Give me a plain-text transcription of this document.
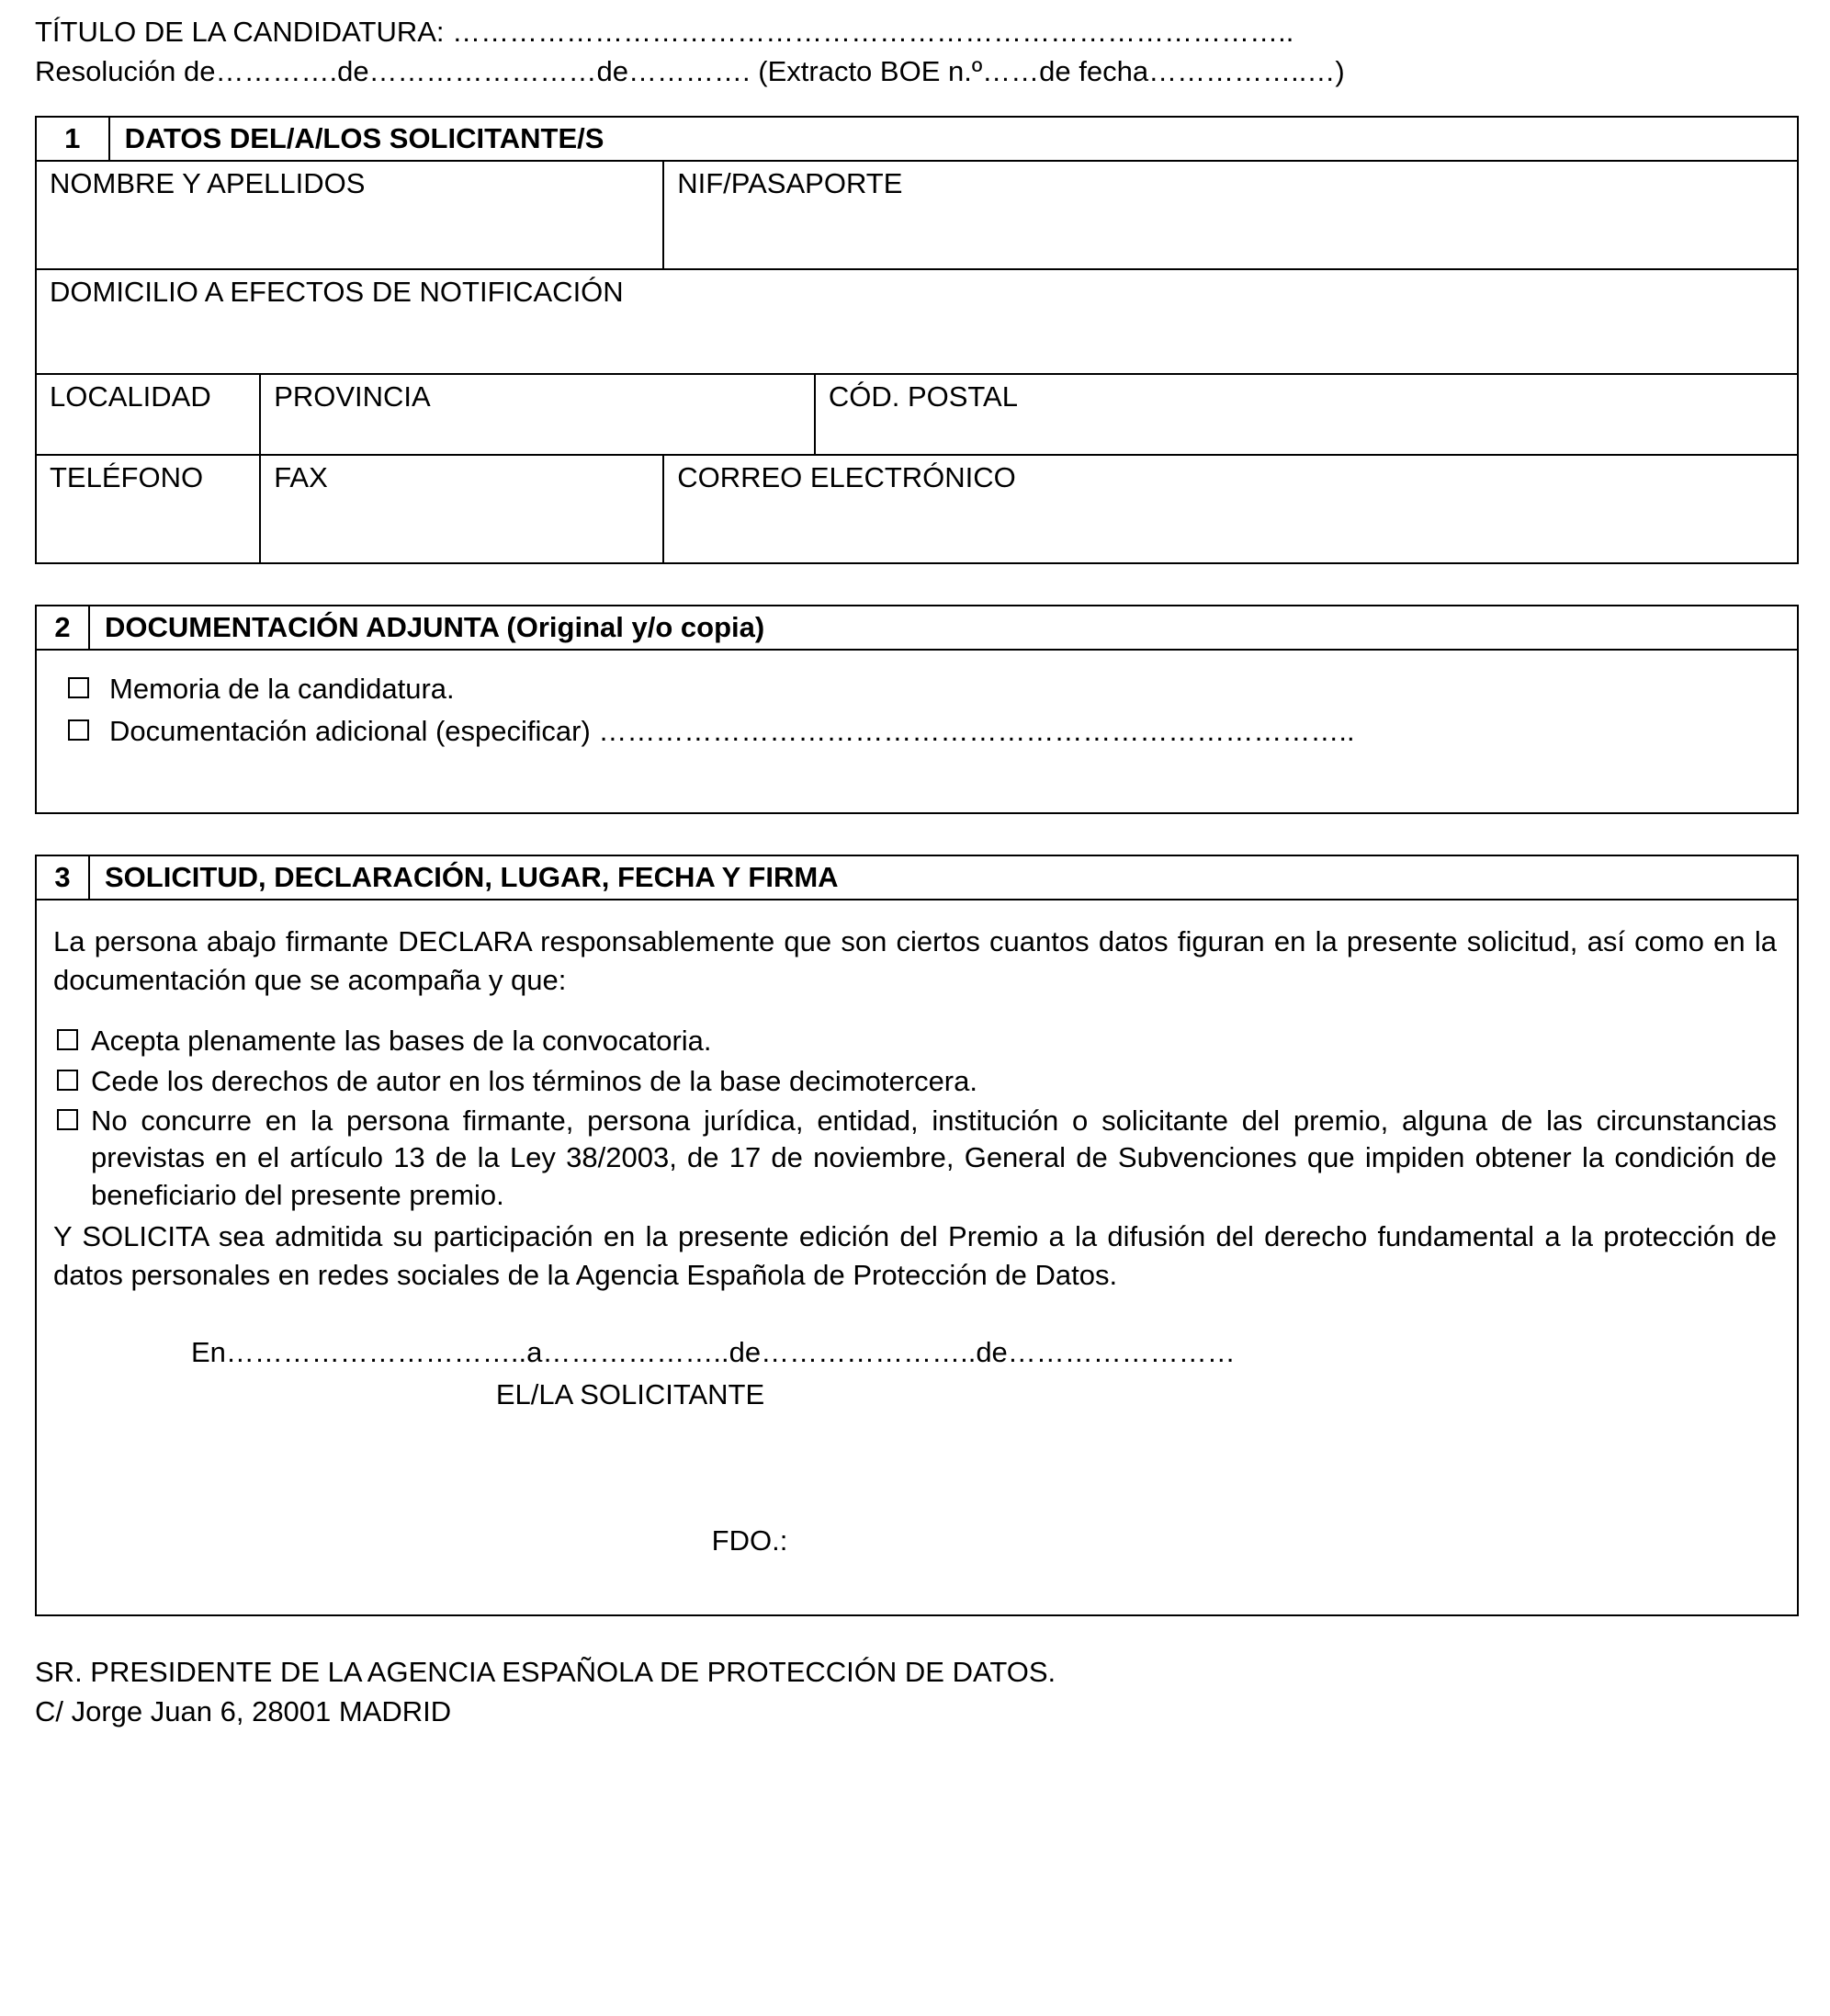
TÍTULO DE LA CANDIDATURA: ……………………………………………………………………………..
Resolución de………….de……………………de…………. (Extracto BOE n.º……de fecha……………..…)
1	DATOS DEL/A/LOS SOLICITANTE/S			
NOMBRE Y APELLIDOS			NIF/PASAPORTE	
DOMICILIO A EFECTOS DE NOTIFICACIÓN				
LOCALIDAD		PROVINCIA		CÓD. POSTAL
TELÉFONO		FAX	CORREO ELECTRÓNICO	
2	DOCUMENTACIÓN ADJUNTA (Original y/o copia)

Memoria de la candidatura.
Documentación adicional (especificar) ……………………………………………………………………..
3	SOLICITUD, DECLARACIÓN, LUGAR, FECHA Y FIRMA

La persona abajo firmante DECLARA responsablemente que son ciertos cuantos datos figuran en la presente solicitud, así como en la documentación que se acompaña y que:

Acepta plenamente las bases de la convocatoria.
Cede los derechos de autor en los términos de la base decimotercera.
No concurre en la persona firmante, persona jurídica, entidad, institución o solicitante del premio, alguna de las circunstancias previstas en el artículo 13 de la Ley 38/2003, de 17 de noviembre, General de Subvenciones que impiden obtener la condición de beneficiario del presente premio.

Y SOLICITA sea admitida su participación en la presente edición del Premio a la difusión del derecho fundamental a la protección de datos personales en redes sociales de la Agencia Española de Protección de Datos.

En…………………………..a………………..de…………………..de……………………
EL/LA SOLICITANTE
FDO.:
SR. PRESIDENTE DE LA AGENCIA ESPAÑOLA DE PROTECCIÓN DE DATOS.
C/ Jorge Juan 6, 28001 MADRID
